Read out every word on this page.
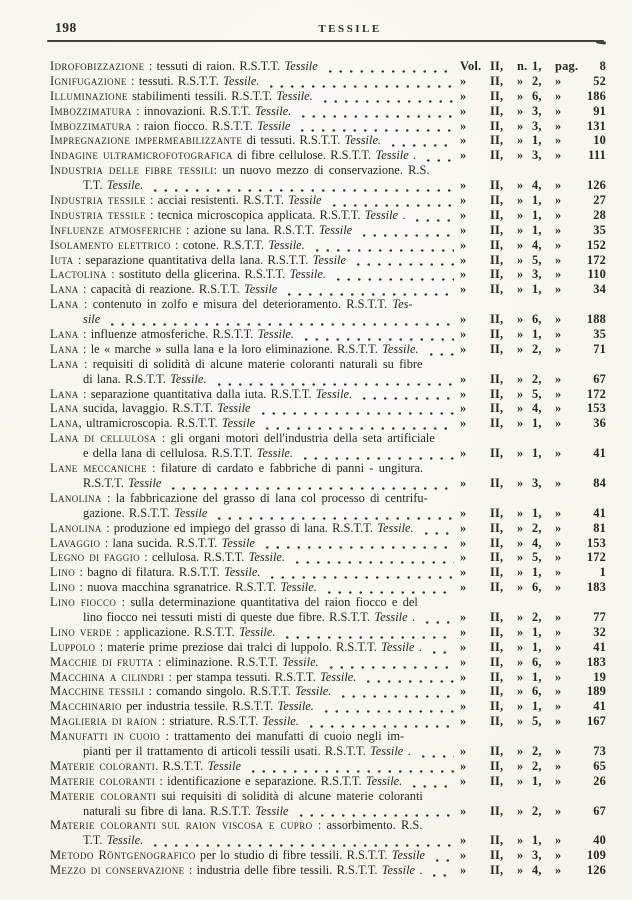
198	TESSILE
Idrofobizzazione : tessuti di raion. R.S.T.T. Tessile	Vol. II,	n. 1,	pag.	8
Ignifugazione : tessuti. R.S.T.T. Tessile.	»	II,	» 2,	»	52
Illuminazione stabilimenti tessili. R.S.T.T. Tessile.	»	II,	» 6,	»	186
Imbozzimatura : innovazioni. R.S.T.T. Tessile.	»	II,	» 3,	»	91
Imbozzimatura : raion fiocco. R.S.T.T. Tessile	»	II,	» 3,	»	131
Impregnazione impermeabilizzante di tessuti. R.S.T.T. Tessile.	»	II,	» 1,	»	10
Indagine ultramicrofotografica di fibre cellulose. R.S.T.T. Tessile .	»	II,	» 3,	»	111
Industria delle fibre tessili: un nuovo mezzo di conservazione. R.S.
T.T. Tessile.	»	II,	» 4,	»	126
Industria tessile : acciai resistenti. R.S.T.T. Tessile	»	II,	» 1,	»	27
Industria tessile : tecnica microscopica applicata. R.S.T.T. Tessile .	»	II,	» 1,	»	28
Influenze atmosferiche : azione su lana. R.S.T.T. Tessile	»	II,	» 1,	»	35
Isolamento elettrico : cotone. R.S.T.T. Tessile.	»	II,	» 4,	»	152
Iuta : separazione quantitativa della lana. R.S.T.T. Tessile	»	II,	» 5,	»	172
Lactolina : sostituto della glicerina. R.S.T.T. Tessile.	»	II,	» 3,	»	110
Lana : capacità di reazione. R.S.T.T. Tessile	»	II,	» 1,	»	34
Lana : contenuto in zolfo e misura del deterioramento. R.S.T.T. Tes-
sile	»	II,	» 6,	»	188
Lana : influenze atmosferiche. R.S.T.T. Tessile.	»	II,	» 1,	»	35
Lana : le « marche » sulla lana e la loro eliminazione. R.S.T.T. Tessile.	»	II,	» 2,	»	71
Lana : requisiti di solidità di alcune materie coloranti naturali su fibre
di lana. R.S.T.T. Tessile.	»	II,	» 2,	»	67
Lana : separazione quantitativa dalla iuta. R.S.T.T. Tessile.	»	II,	» 5,	»	172
Lana sucida, lavaggio. R.S.T.T. Tessile	»	II,	» 4,	»	153
Lana, ultramicroscopia. R.S.T.T. Tessile	»	II,	» 1,	»	36
Lana di cellulosa : gli organi motori dell'industria della seta artificiale
e della lana di cellulosa. R.S.T.T. Tessile.	»	II,	» 1,	»	41
Lane meccaniche : filature di cardato e fabbriche di panni - ungitura.
R.S.T.T. Tessile	»	II,	» 3,	»	84
Lanolina : la fabbricazione del grasso di lana col processo di centrifu-
gazione. R.S.T.T. Tessile	»	II,	» 1,	»	41
Lanolina : produzione ed impiego del grasso di lana. R.S.T.T. Tessile.	»	II,	» 2,	»	81
Lavaggio : lana sucida. R.S.T.T. Tessile	»	II,	» 4,	»	153
Legno di faggio : cellulosa. R.S.T.T. Tessile.	»	II,	» 5,	»	172
Lino : bagno di filatura. R.S.T.T. Tessile.	»	II,	» 1,	»	1
Lino : nuova macchina sgranatrice. R.S.T.T. Tessile.	»	II,	» 6,	»	183
Lino fiocco : sulla determinazione quantitativa del raion fiocco e del
lino fiocco nei tessuti misti di queste due fibre. R.S.T.T. Tessile .	»	II,	» 2,	»	77
Lino verde : applicazione. R.S.T.T. Tessile.	»	II,	» 1,	»	32
Luppolo : materie prime preziose dai tralci di luppolo. R.S.T.T. Tessile .	»	II,	» 1,	»	41
Macchie di frutta : eliminazione. R.S.T.T. Tessile.	»	II,	» 6,	»	183
Macchina a cilindri : per stampa tessuti. R.S.T.T. Tessile.	»	II,	» 1,	»	19
Macchine tessili : comando singolo. R.S.T.T. Tessile.	»	II,	» 6,	»	189
Macchinario per industria tessile. R.S.T.T. Tessile.	»	II,	» 1,	»	41
Maglieria di raion : striature. R.S.T.T. Tessile.	»	II,	» 5,	»	167
Manufatti in cuoio : trattamento dei manufatti di cuoio negli im-
pianti per il trattamento di articoli tessili usati. R.S.T.T. Tessile .	»	II,	» 2,	»	73
Materie coloranti. R.S.T.T. Tessile	»	II,	» 2,	»	65
Materie coloranti : identificazione e separazione. R.S.T.T. Tessile.	»	II,	» 1,	»	26
Materie coloranti sui requisiti di solidità di alcune materie coloranti
naturali su fibre di lana. R.S.T.T. Tessile	»	II,	» 2,	»	67
Materie coloranti sul raion viscosa e cupro : assorbimento. R.S.
T.T. Tessile.	»	II,	» 1,	»	40
Metodo Röntgenografico per lo studio di fibre tessili. R.S.T.T. Tessile	»	II,	» 3,	»	109
Mezzo di conservazione : industria delle fibre tessili. R.S.T.T. Tessile .	»	II,	» 4,	»	126
